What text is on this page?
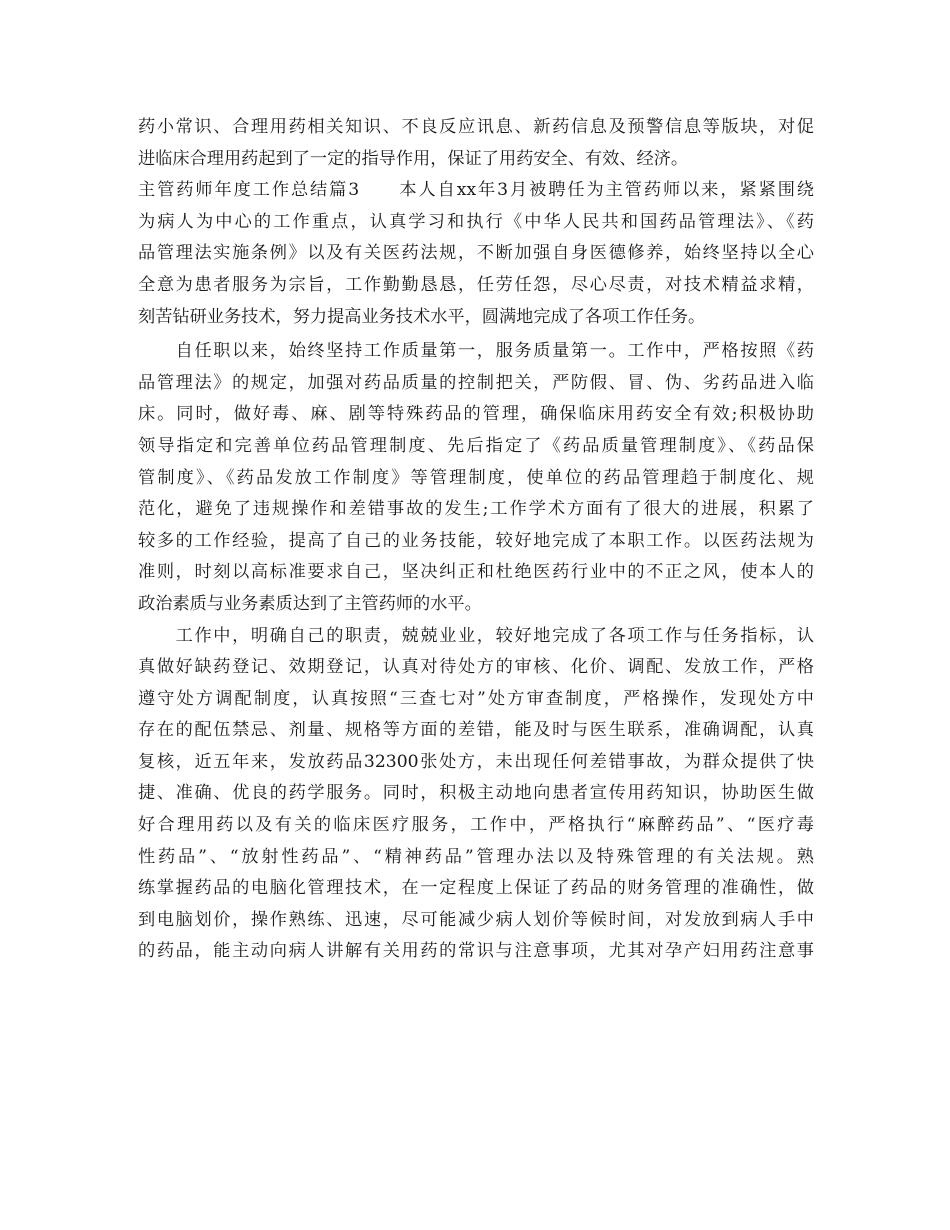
药小常识、合理用药相关知识、不良反应讯息、新药信息及预警信息等版块，对促
进临床合理用药起到了一定的指导作用，保证了用药安全、有效、经济。
主管药师年度工作总结篇3　　本人自xx年3月被聘任为主管药师以来，紧紧围绕
为病人为中心的工作重点，认真学习和执行《中华人民共和国药品管理法》、《药
品管理法实施条例》以及有关医药法规，不断加强自身医德修养，始终坚持以全心
全意为患者服务为宗旨，工作勤勤恳恳，任劳任怨，尽心尽责，对技术精益求精，
刻苦钻研业务技术，努力提高业务技术水平，圆满地完成了各项工作任务。
　　自任职以来，始终坚持工作质量第一，服务质量第一。工作中，严格按照《药
品管理法》的规定，加强对药品质量的控制把关，严防假、冒、伪、劣药品进入临
床。同时，做好毒、麻、剧等特殊药品的管理，确保临床用药安全有效;积极协助
领导指定和完善单位药品管理制度、先后指定了《药品质量管理制度》、《药品保
管制度》、《药品发放工作制度》等管理制度，使单位的药品管理趋于制度化、规
范化，避免了违规操作和差错事故的发生;工作学术方面有了很大的进展，积累了
较多的工作经验，提高了自己的业务技能，较好地完成了本职工作。以医药法规为
准则，时刻以高标准要求自己，坚决纠正和杜绝医药行业中的不正之风，使本人的
政治素质与业务素质达到了主管药师的水平。
　　工作中，明确自己的职责，兢兢业业，较好地完成了各项工作与任务指标，认
真做好缺药登记、效期登记，认真对待处方的审核、化价、调配、发放工作，严格
遵守处方调配制度，认真按照“三查七对”处方审查制度，严格操作，发现处方中
存在的配伍禁忌、剂量、规格等方面的差错，能及时与医生联系，准确调配，认真
复核，近五年来，发放药品32300张处方，未出现任何差错事故，为群众提供了快
捷、准确、优良的药学服务。同时，积极主动地向患者宣传用药知识，协助医生做
好合理用药以及有关的临床医疗服务，工作中，严格执行“麻醉药品”、“医疗毒
性药品”、“放射性药品”、“精神药品”管理办法以及特殊管理的有关法规。熟
练掌握药品的电脑化管理技术，在一定程度上保证了药品的财务管理的准确性，做
到电脑划价，操作熟练、迅速，尽可能减少病人划价等候时间，对发放到病人手中
的药品，能主动向病人讲解有关用药的常识与注意事项，尤其对孕产妇用药注意事
